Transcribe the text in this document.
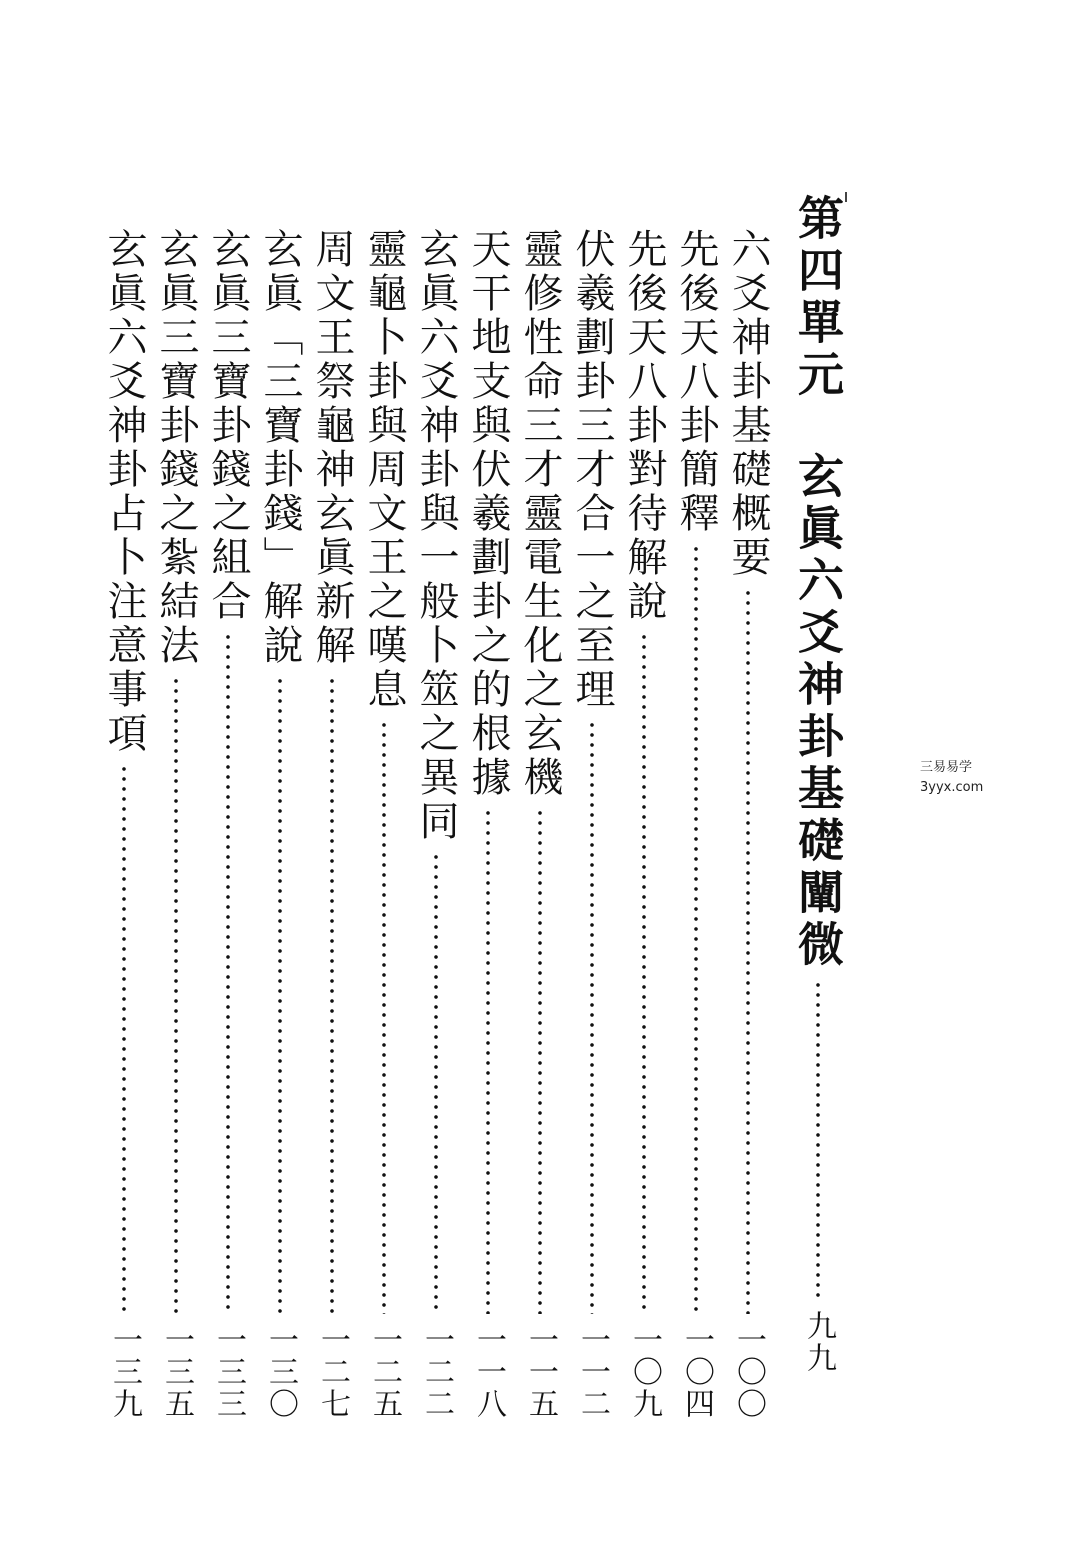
第四單元
玄眞六爻神卦基礎闡微
九九
六爻神卦基礎概要
一〇〇
先後天八卦簡釋
一〇四
先後天八卦對待解說
一〇九
伏羲劃卦三才合一之至理
一一二
靈修性命三才靈電生化之玄機
一一五
天干地支與伏羲劃卦之的根據
一一八
玄眞六爻神卦與一般卜筮之異同
一二二
靈龜卜卦與周文王之嘆息
一二五
周文王祭龜神玄眞新解
一二七
玄眞「三寶卦錢」解說
一三〇
玄眞三寶卦錢之組合
一三三
玄眞三寶卦錢之紮結法
一三五
玄眞六爻神卦占卜注意事項
一三九
三易易学
3yyx.com
